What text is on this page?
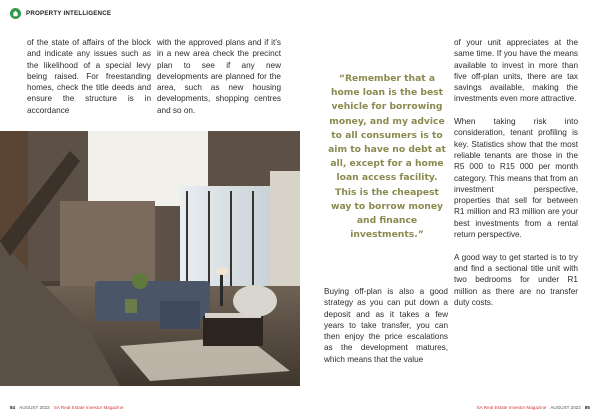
PROPERTY INTELLIGENCE
of the state of affairs of the block and indicate any issues such as the likelihood of a special levy being raised. For freestanding homes, check the title deeds and ensure the structure is in accordance
with the approved plans and if it’s in a new area check the precinct plan to see if any new developments are planned for the area, such as new housing developments, shopping centres and so on.
“Remember that a home loan is the best vehicle for borrowing money, and my advice to all consumers is to aim to have no debt at all, except for a home loan access facility. This is the cheapest way to borrow money and finance investments.”
Buying off-plan is also a good strategy as you can put down a deposit and as it takes a few years to take transfer, you can then enjoy the price escalations as the development matures, which means that the value

of your unit appreciates at the same time. If you have the means available to invest in more than five off-plan units, there are tax savings available, making the investments even more attractive.

When taking risk into consideration, tenant profiling is key. Statistics show that the most reliable tenants are those in the R5 000 to R15 000 per month category. This means that from an investment perspective, properties that sell for between R1 million and R3 million are your best investments from a rental return perspective.

A good way to get started is to try and find a sectional title unit with two bedrooms for under R1 million as there are no transfer duty costs.

84 AUGUST 2022 SA Real Estate Investor Magazine	SA Real Estate Investor Magazine AUGUST 2022 85
